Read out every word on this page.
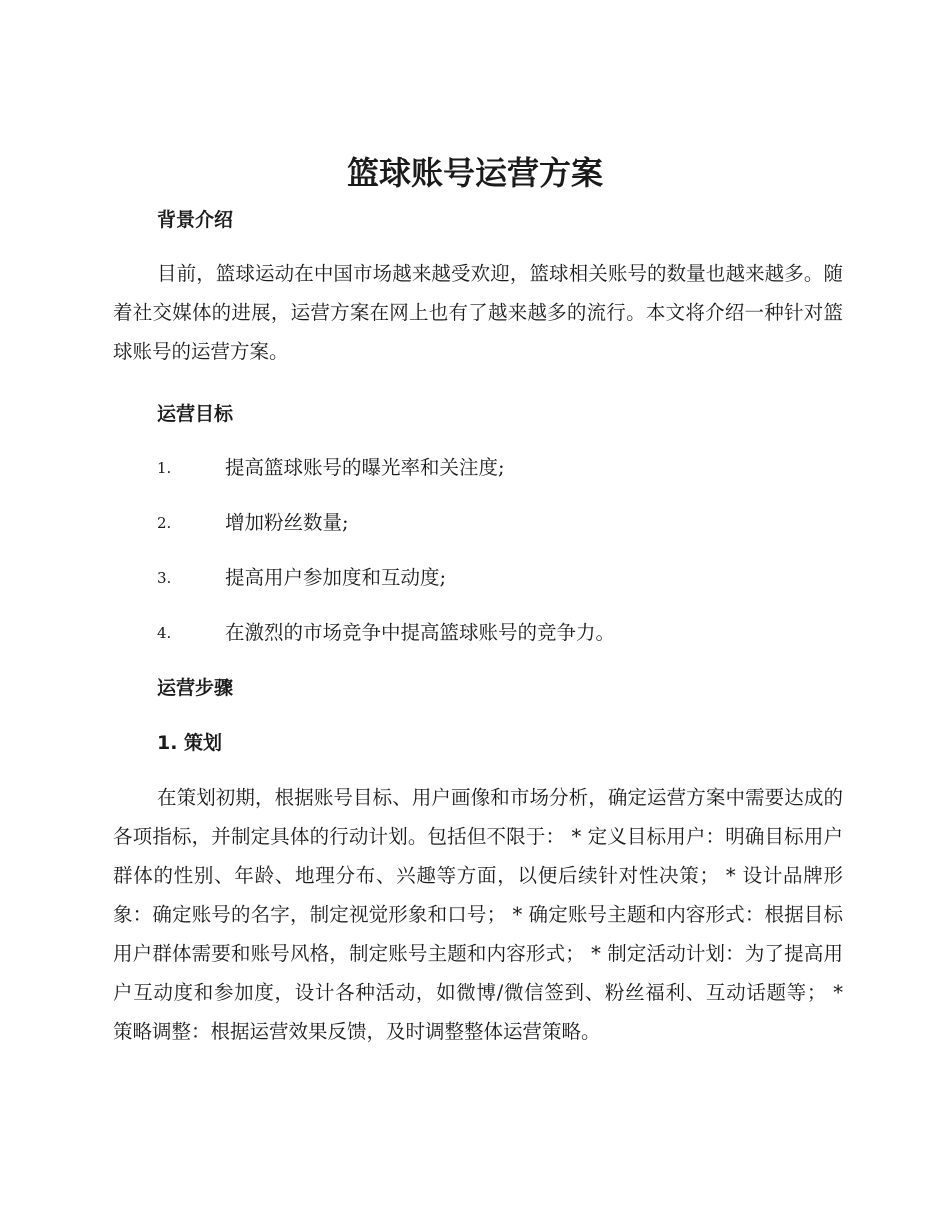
篮球账号运营方案
背景介绍

目前，篮球运动在中国市场越来越受欢迎，篮球相关账号的数量也越来越多。随着社交媒体的进展，运营方案在网上也有了越来越多的流行。本文将介绍一种针对篮球账号的运营方案。

运营目标
1.	提高篮球账号的曝光率和关注度;
2.	增加粉丝数量;
3.	提高用户参加度和互动度;
4.	在激烈的市场竞争中提高篮球账号的竞争力。
运营步骤
1. 策划

在策划初期，根据账号目标、用户画像和市场分析，确定运营方案中需要达成的各项指标，并制定具体的行动计划。包括但不限于： * 定义目标用户：明确目标用户群体的性别、年龄、地理分布、兴趣等方面，以便后续针对性决策； * 设计品牌形象：确定账号的名字，制定视觉形象和口号； * 确定账号主题和内容形式：根据目标用户群体需要和账号风格，制定账号主题和内容形式； * 制定活动计划：为了提高用户互动度和参加度，设计各种活动，如微博/微信签到、粉丝福利、互动话题等； * 策略调整：根据运营效果反馈，及时调整整体运营策略。
